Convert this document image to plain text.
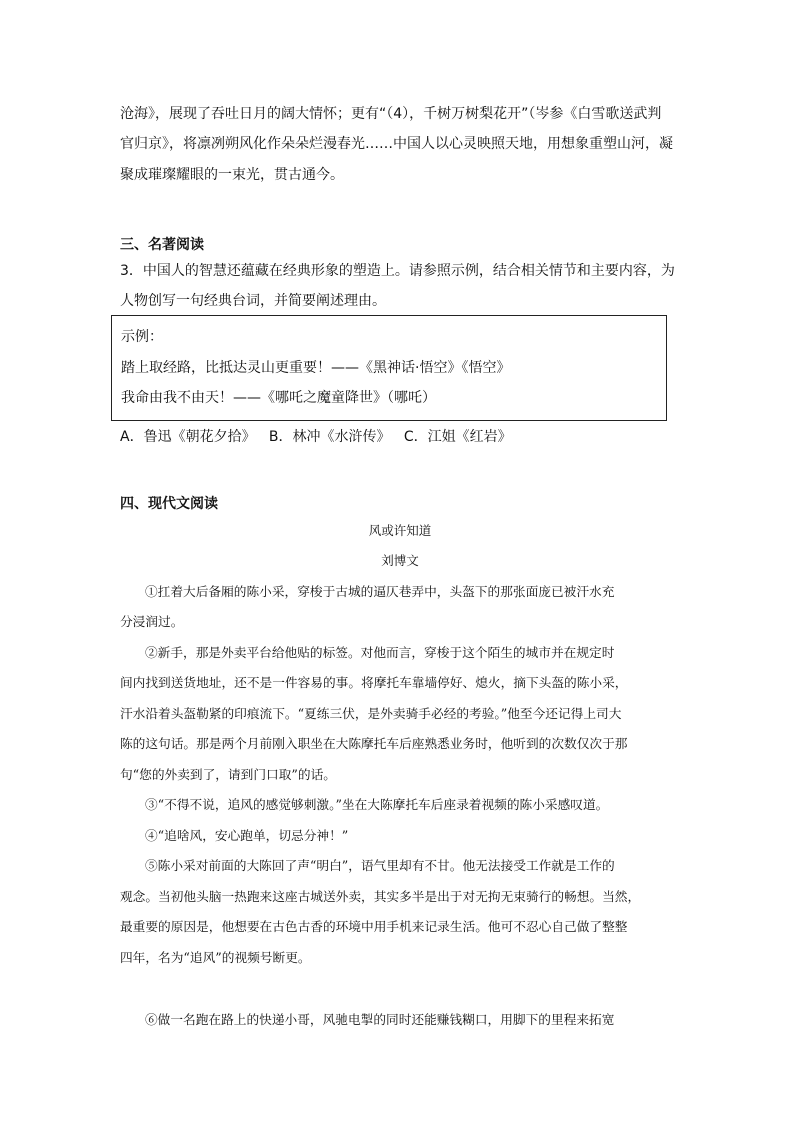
沧海》，展现了吞吐日月的阔大情怀；更有“（4），千树万树梨花开”（岑参《白雪歌送武判
官归京》，将凛冽朔风化作朵朵烂漫春光……中国人以心灵映照天地，用想象重塑山河，凝
聚成璀璨耀眼的一束光，贯古通今。
三、名著阅读
3．中国人的智慧还蕴藏在经典形象的塑造上。请参照示例，结合相关情节和主要内容，为
人物创写一句经典台词，并简要阐述理由。
示例：
踏上取经路，比抵达灵山更重要！——《黑神话·悟空》《悟空》
我命由我不由天！——《哪吒之魔童降世》（哪吒）
A．鲁迅《朝花夕拾》   B．林冲《水浒传》   C．江姐《红岩》
四、现代文阅读
风或许知道
刘博文
①扛着大后备厢的陈小采，穿梭于古城的逼仄巷弄中，头盔下的那张面庞已被汗水充
分浸润过。
②新手，那是外卖平台给他贴的标签。对他而言，穿梭于这个陌生的城市并在规定时
间内找到送货地址，还不是一件容易的事。将摩托车靠墙停好、熄火，摘下头盔的陈小采，
汗水沿着头盔勒紧的印痕流下。“夏练三伏，是外卖骑手必经的考验。”他至今还记得上司大
陈的这句话。那是两个月前刚入职坐在大陈摩托车后座熟悉业务时，他听到的次数仅次于那
句“您的外卖到了，请到门口取”的话。
③“不得不说，追风的感觉够刺激。”坐在大陈摩托车后座录着视频的陈小采感叹道。
④“追啥风，安心跑单，切忌分神！”
⑤陈小采对前面的大陈回了声“明白”，语气里却有不甘。他无法接受工作就是工作的
观念。当初他头脑一热跑来这座古城送外卖，其实多半是出于对无拘无束骑行的畅想。当然，
最重要的原因是，他想要在古色古香的环境中用手机来记录生活。他可不忍心自己做了整整
四年，名为“追风”的视频号断更。
⑥做一名跑在路上的快递小哥，风驰电掣的同时还能赚钱糊口，用脚下的里程来拓宽
